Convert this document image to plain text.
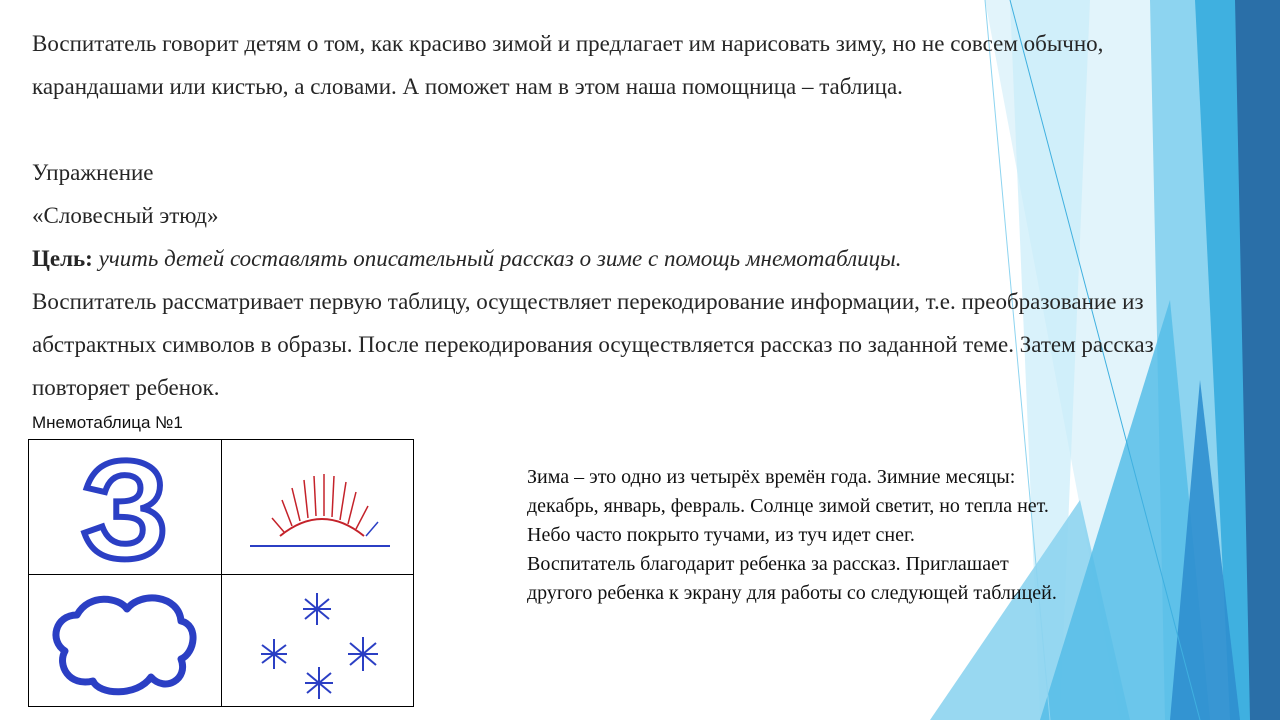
Воспитатель говорит детям о том, как красиво зимой и предлагает им нарисовать зиму, но не совсем обычно, карандашами или кистью, а словами. А поможет нам в этом наша помощница – таблица.

Упражнение

«Словесный этюд»

Цель: учить детей составлять описательный рассказ о зиме с помощь мнемотаблицы.

Воспитатель рассматривает первую таблицу, осуществляет перекодирование информации, т.е. преобразование из абстрактных символов в образы. После перекодирования осуществляется рассказ по заданной теме. Затем рассказ повторяет ребенок.

Мнемотаблица №1
З	Зима – это одно из четырёх времён года. Зимние месяцы:
декабрь, январь, февраль. Солнце зимой светит, но тепла нет.
Небо часто покрыто тучами, из туч идет снег.
Воспитатель благодарит ребенка за рассказ. Приглашает
другого ребенка к экрану для работы со следующей таблицей.
